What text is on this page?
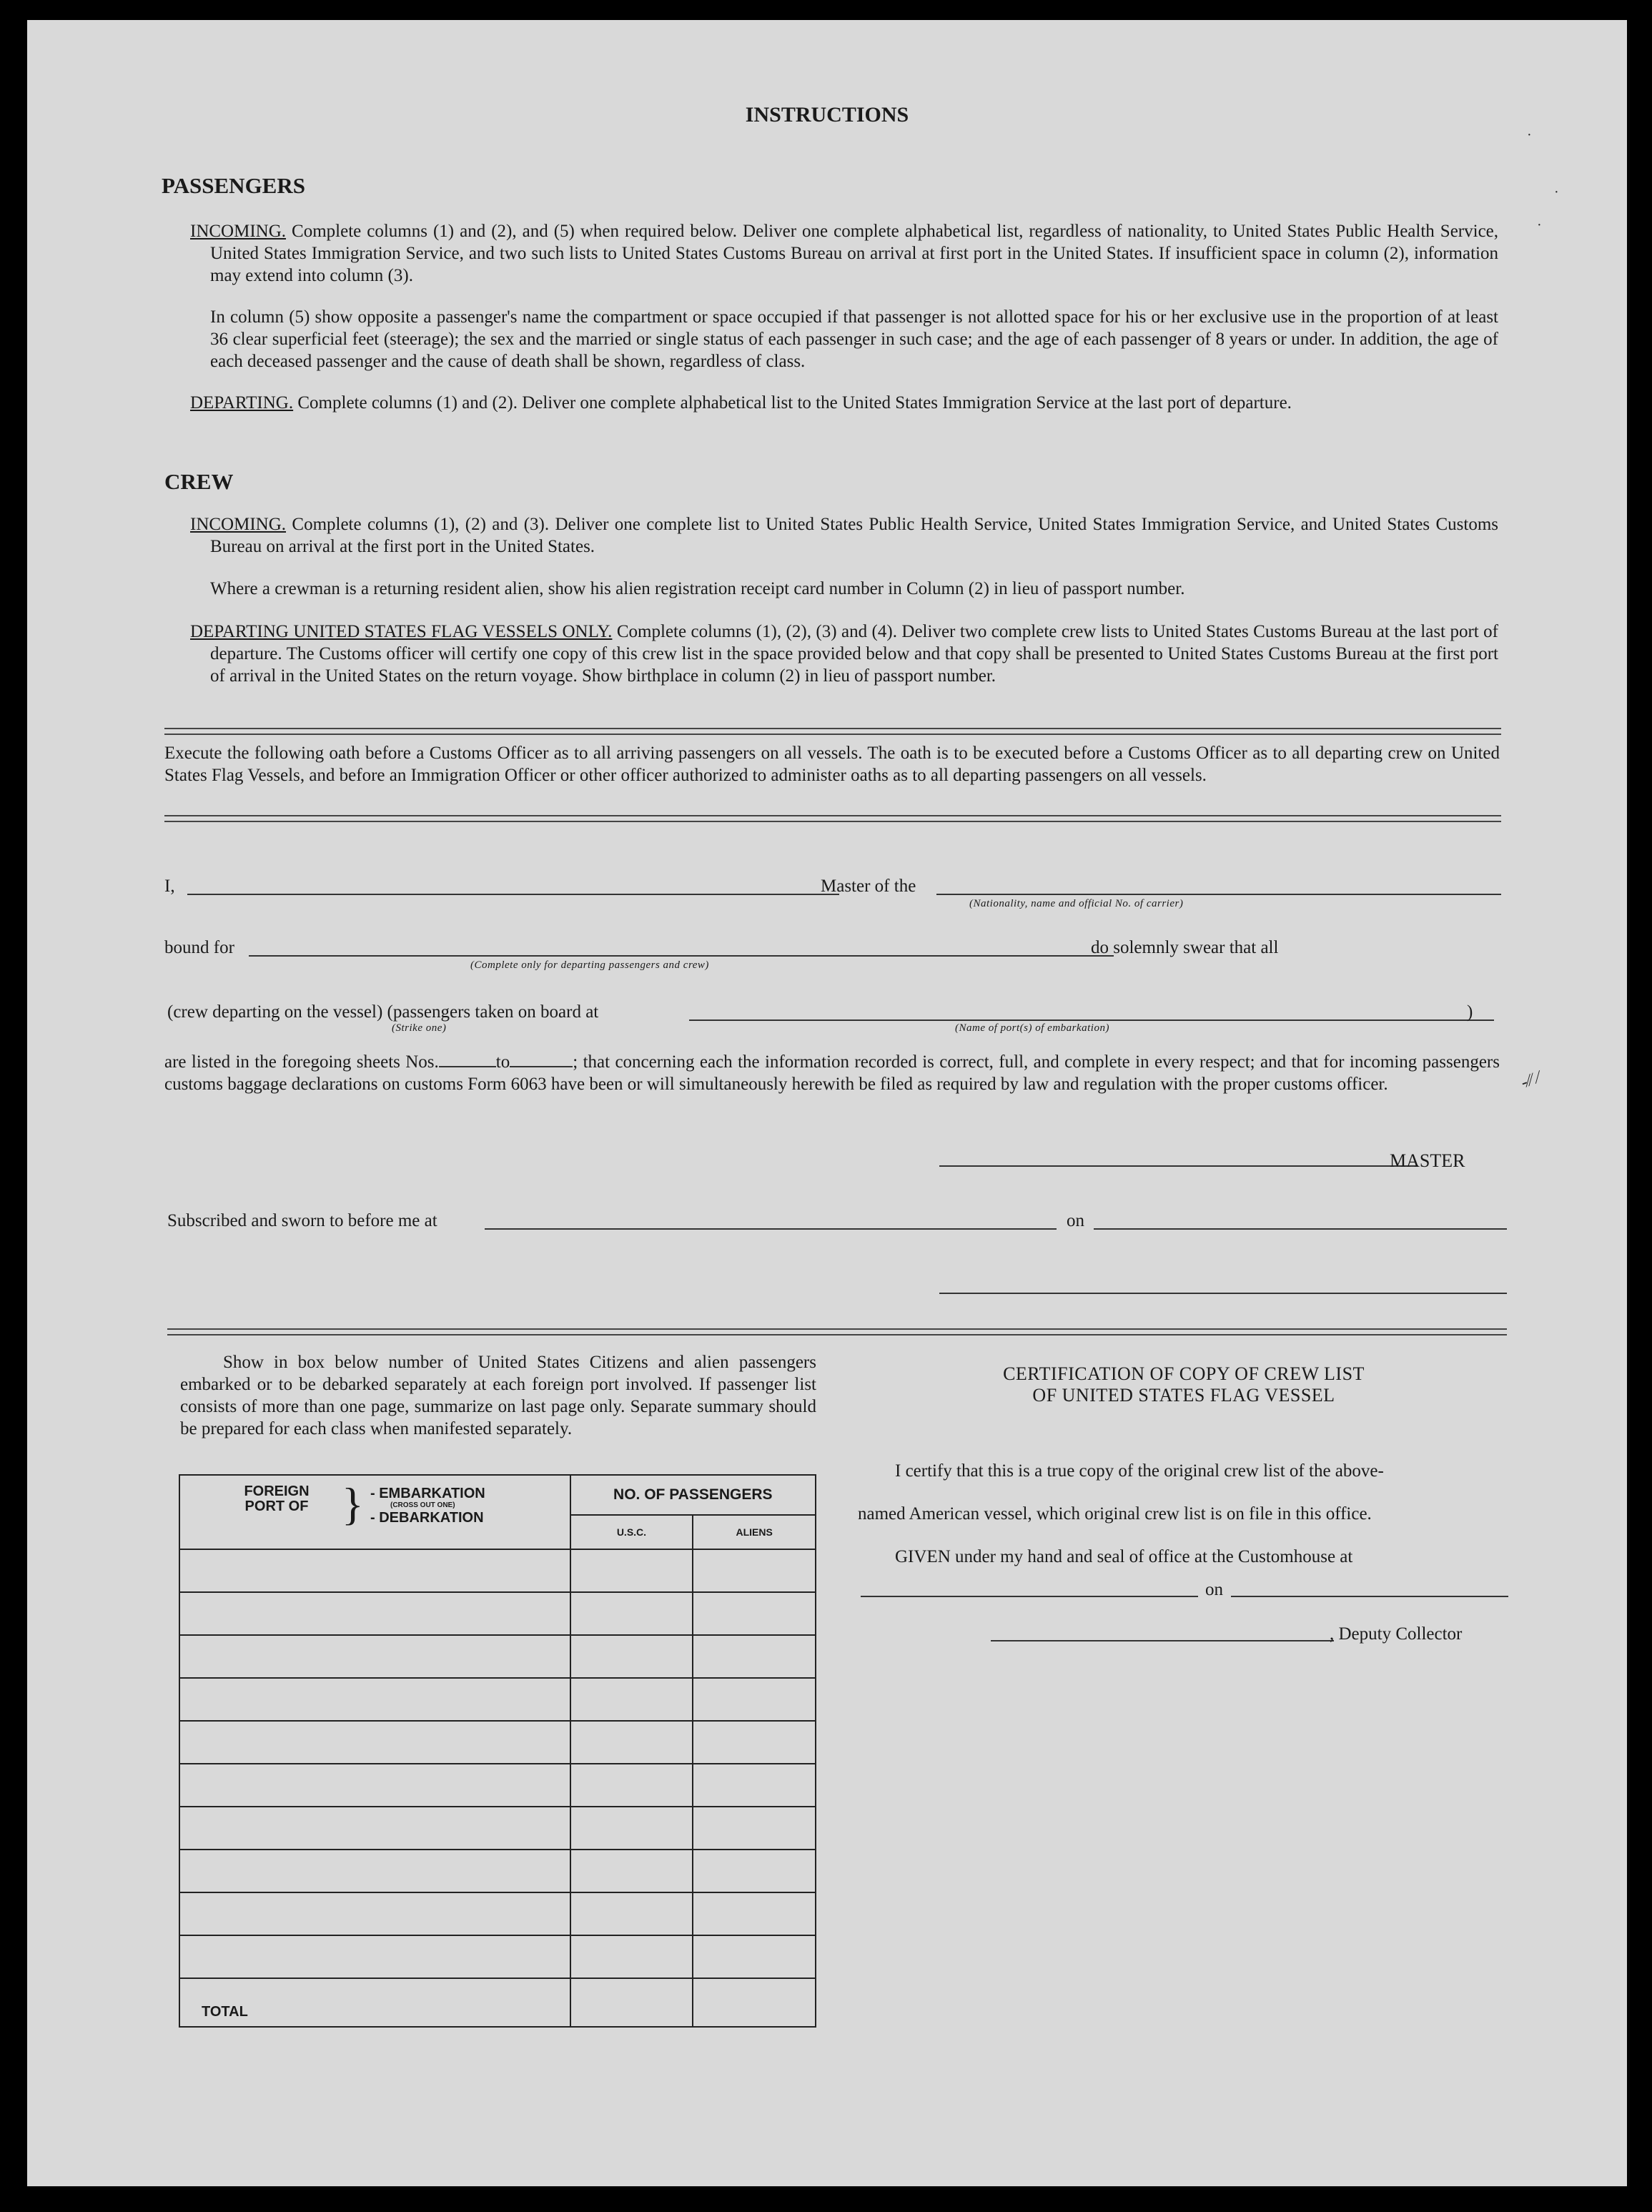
INSTRUCTIONS
PASSENGERS
INCOMING. Complete columns (1) and (2), and (5) when required below. Deliver one complete alphabetical list, regardless of nationality, to United States Public Health Service, United States Immigration Service, and two such lists to United States Customs Bureau on arrival at first port in the United States. If insufficient space in column (2), information may extend into column (3).
In column (5) show opposite a passenger's name the compartment or space occupied if that passenger is not allotted space for his or her exclusive use in the proportion of at least 36 clear superficial feet (steerage); the sex and the married or single status of each passenger in such case; and the age of each passenger of 8 years or under. In addition, the age of each deceased passenger and the cause of death shall be shown, regardless of class.
DEPARTING. Complete columns (1) and (2). Deliver one complete alphabetical list to the United States Immigration Service at the last port of departure.
CREW
INCOMING. Complete columns (1), (2) and (3). Deliver one complete list to United States Public Health Service, United States Immigration Service, and United States Customs Bureau on arrival at the first port in the United States.
Where a crewman is a returning resident alien, show his alien registration receipt card number in Column (2) in lieu of passport number.
DEPARTING UNITED STATES FLAG VESSELS ONLY. Complete columns (1), (2), (3) and (4). Deliver two complete crew lists to United States Customs Bureau at the last port of departure. The Customs officer will certify one copy of this crew list in the space provided below and that copy shall be presented to United States Customs Bureau at the first port of arrival in the United States on the return voyage. Show birthplace in column (2) in lieu of passport number.
Execute the following oath before a Customs Officer as to all arriving passengers on all vessels. The oath is to be executed before a Customs Officer as to all departing crew on United States Flag Vessels, and before an Immigration Officer or other officer authorized to administer oaths as to all departing passengers on all vessels.
I,	Master of the
(Nationality, name and official No. of carrier)
bound for	do solemnly swear that all
(Complete only for departing passengers and crew)
(crew departing on the vessel) (passengers taken on board at	)
(Strike one)	(Name of port(s) of embarkation)
are listed in the foregoing sheets Nos.	to	; that concerning each the information recorded is correct, full, and complete in every respect; and that for incoming passengers customs baggage declarations on customs Form 6063 have been or will simultaneously herewith be filed as required by law and regulation with the proper customs officer.
MASTER
Subscribed and sworn to before me at	on
Show in box below number of United States Citizens and alien passengers embarked or to be debarked separately at each foreign port involved. If passenger list consists of more than one page, summarize on last page only. Separate summary should be prepared for each class when manifested separately.
FOREIGN PORT OF } - EMBARKATION
(CROSS OUT ONE)
- DEBARKATION	NO. OF PASSENGERS	
	U.S.C.	ALIENS

TOTAL		
CERTIFICATION OF COPY OF CREW LIST
OF UNITED STATES FLAG VESSEL
I certify that this is a true copy of the original crew list of the above-
named American vessel, which original crew list is on file in this office.
GIVEN under my hand and seal of office at the Customhouse at
on
, Deputy Collector
·
·
·
-⁄⁄ ⁄
